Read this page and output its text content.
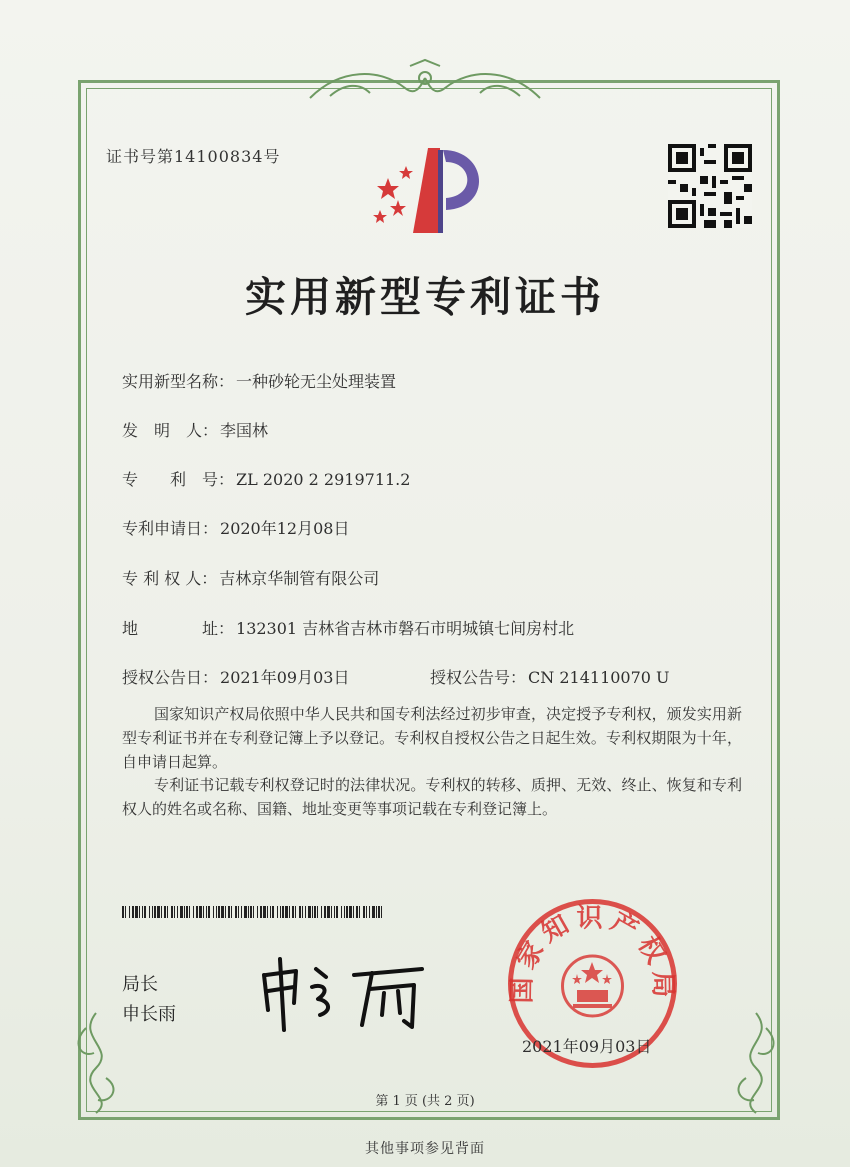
证书号第14100834号
实用新型专利证书
实用新型名称： 一种砂轮无尘处理装置
发　明　人： 李国林
专　　利　号： ZL 2020 2 2919711.2
专利申请日： 2020年12月08日
专 利 权 人： 吉林京华制管有限公司
地　　　　址： 132301 吉林省吉林市磐石市明城镇七间房村北
授权公告日： 2021年09月03日	授权公告号： CN 214110070 U
国家知识产权局依照中华人民共和国专利法经过初步审查，决定授予专利权，颁发实用新型专利证书并在专利登记簿上予以登记。专利权自授权公告之日起生效。专利权期限为十年，自申请日起算。
专利证书记载专利权登记时的法律状况。专利权的转移、质押、无效、终止、恢复和专利权人的姓名或名称、国籍、地址变更等事项记载在专利登记簿上。
局长
申长雨
国家知识产权局
2021年09月03日
第 1 页 (共 2 页)
其他事项参见背面
